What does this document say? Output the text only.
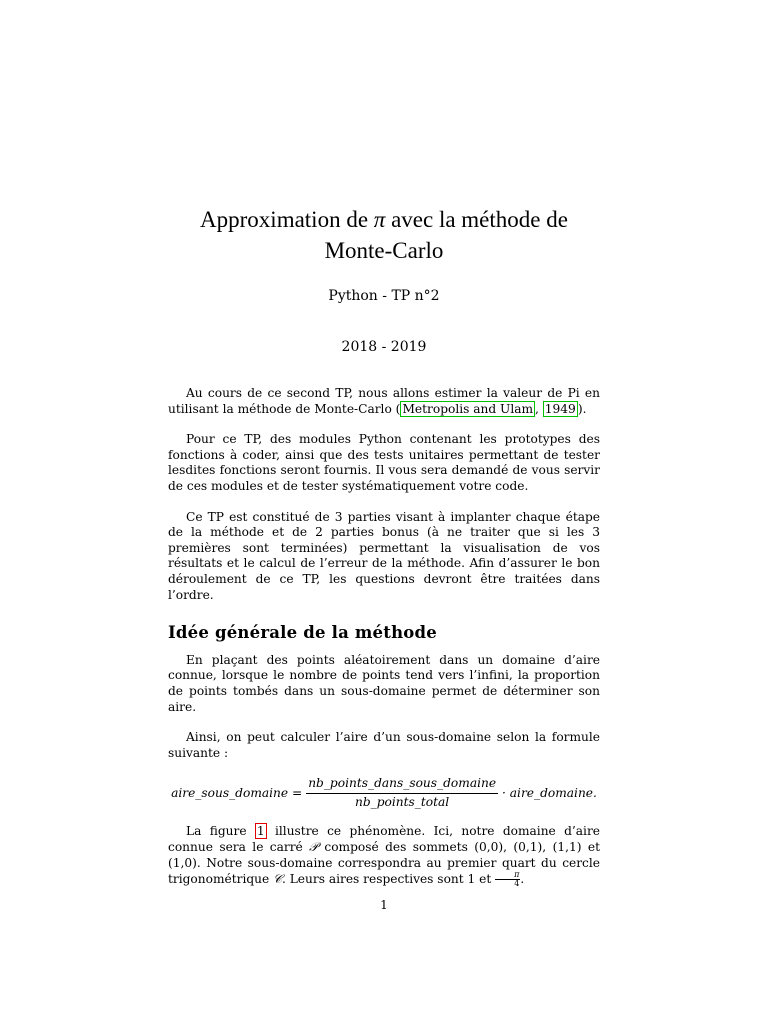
Approximation de π avec la méthode de
Monte-Carlo
Python - TP n°2
2018 - 2019

Au cours de ce second TP, nous allons estimer la valeur de Pi en utilisant la méthode de Monte-Carlo ( Metropolis and Ulam , 1949 ).

Pour ce TP, des modules Python contenant les prototypes des fonctions à coder, ainsi que des tests unitaires permettant de tester lesdites fonctions seront fournis. Il vous sera demandé de vous servir de ces modules et de tester systématiquement votre code.

Ce TP est constitué de 3 parties visant à implanter chaque étape de la méthode et de 2 parties bonus (à ne traiter que si les 3 premières sont terminées) permettant la visualisation de vos résultats et le calcul de l’erreur de la méthode. Afin d’assurer le bon déroulement de ce TP, les questions devront être traitées dans l’ordre.

Idée générale de la méthode

En plaçant des points aléatoirement dans un domaine d’aire connue, lorsque le nombre de points tend vers l’infini, la proportion de points tombés dans un sous-domaine permet de déterminer son aire.

Ainsi, on peut calculer l’aire d’un sous-domaine selon la formule suivante :

aire_sous_domaine = $\frac{\text{nb\_points\_dans\_sous\_domaine}}{\text{nb\_points\_total}}$ · aire_domaine.

La figure 1 illustre ce phénomène. Ici, notre domaine d’aire connue sera le carré 𝒫 composé des sommets (0,0), (0,1), (1,1) et (1,0). Notre sous-domaine correspondra au premier quart du cercle trigonométrique 𝒞. Leurs aires respectives sont 1 et $\frac{\pi}{4}$ .

1
